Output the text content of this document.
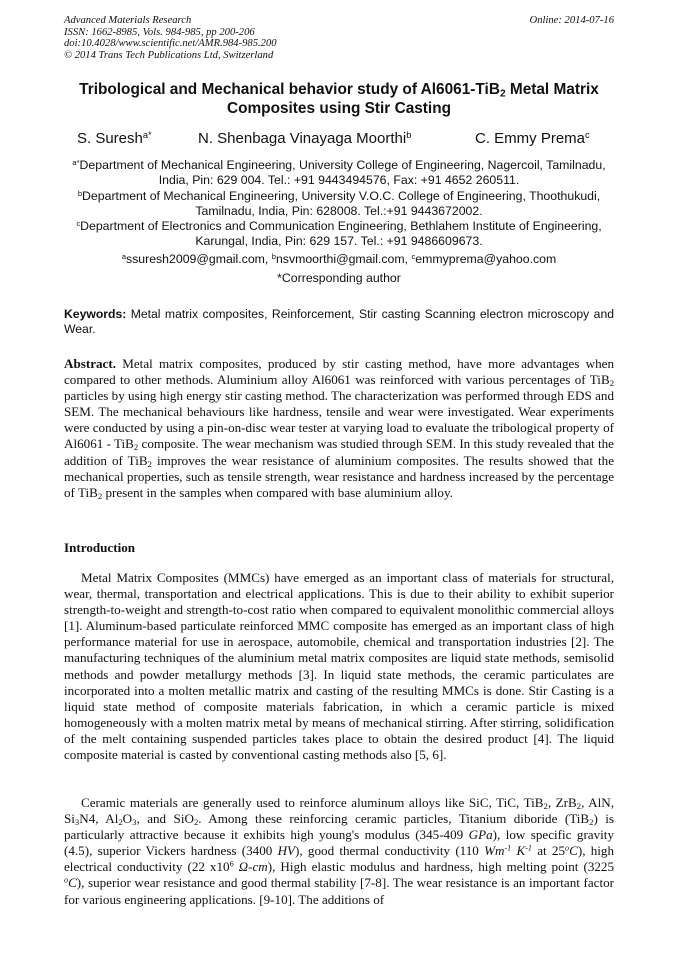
Advanced Materials Research
ISSN: 1662-8985, Vols. 984-985, pp 200-206
doi:10.4028/www.scientific.net/AMR.984-985.200
© 2014 Trans Tech Publications Ltd, Switzerland
Online: 2014-07-16
Tribological and Mechanical behavior study of Al6061-TiB$_2$ Metal Matrix
Composites using Stir Casting
S. Suresh$^{a*}$	N. Shenbaga Vinayaga Moorthi$^b$	C. Emmy Prema$^c$

$^{a*}$Department of Mechanical Engineering, University College of Engineering, Nagercoil, Tamilnadu, India, Pin: 629 004. Tel.: +91 9443494576, Fax: +91 4652 260511.

$^b$Department of Mechanical Engineering, University V.O.C. College of Engineering, Thoothukudi, Tamilnadu, India, Pin: 628008. Tel.:+91 9443672002.

$^c$Department of Electronics and Communication Engineering, Bethlahem Institute of Engineering, Karungal, India, Pin: 629 157. Tel.: +91 9486609673.

$^a$ssuresh2009@gmail.com, $^b$nsvmoorthi@gmail.com, $^c$emmyprema@yahoo.com

*Corresponding author

Keywords: Metal matrix composites, Reinforcement, Stir casting Scanning electron microscopy and Wear.

Abstract. Metal matrix composites, produced by stir casting method, have more advantages when compared to other methods. Aluminium alloy Al6061 was reinforced with various percentages of TiB$_2$ particles by using high energy stir casting method. The characterization was performed through EDS and SEM. The mechanical behaviours like hardness, tensile and wear were investigated. Wear experiments were conducted by using a pin-on-disc wear tester at varying load to evaluate the tribological property of Al6061 - TiB$_2$ composite. The wear mechanism was studied through SEM. In this study revealed that the addition of TiB$_2$ improves the wear resistance of aluminium composites. The results showed that the mechanical properties, such as tensile strength, wear resistance and hardness increased by the percentage of TiB$_2$ present in the samples when compared with base aluminium alloy.

Introduction

Metal Matrix Composites (MMCs) have emerged as an important class of materials for structural, wear, thermal, transportation and electrical applications. This is due to their ability to exhibit superior strength-to-weight and strength-to-cost ratio when compared to equivalent monolithic commercial alloys [1]. Aluminum-based particulate reinforced MMC composite has emerged as an important class of high performance material for use in aerospace, automobile, chemical and transportation industries [2]. The manufacturing techniques of the aluminium metal matrix composites are liquid state methods, semisolid methods and powder metallurgy methods [3]. In liquid state methods, the ceramic particulates are incorporated into a molten metallic matrix and casting of the resulting MMCs is done. Stir Casting is a liquid state method of composite materials fabrication, in which a ceramic particle is mixed homogeneously with a molten matrix metal by means of mechanical stirring. After stirring, solidification of the melt containing suspended particles takes place to obtain the desired product [4]. The liquid composite material is casted by conventional casting methods also [5, 6].

Ceramic materials are generally used to reinforce aluminum alloys like SiC, TiC, TiB$_2$, ZrB$_2$, AlN, $Si_3N4$, $Al_2O_3$, and SiO$_2$. Among these reinforcing ceramic particles, Titanium diboride (TiB$_2$) is particularly attractive because it exhibits high young's modulus (345-409 GPa), low specific gravity (4.5), superior Vickers hardness (3400 HV), good thermal conductivity (110 $Wm^{-1}$ $K^{-1}$ at 25$^o$C), high electrical conductivity (22 $x10^6$ Ω-cm), High elastic modulus and hardness, high melting point (3225 $^o$C), superior wear resistance and good thermal stability [7-8]. The wear resistance is an important factor for various engineering applications. [9-10]. The additions of
